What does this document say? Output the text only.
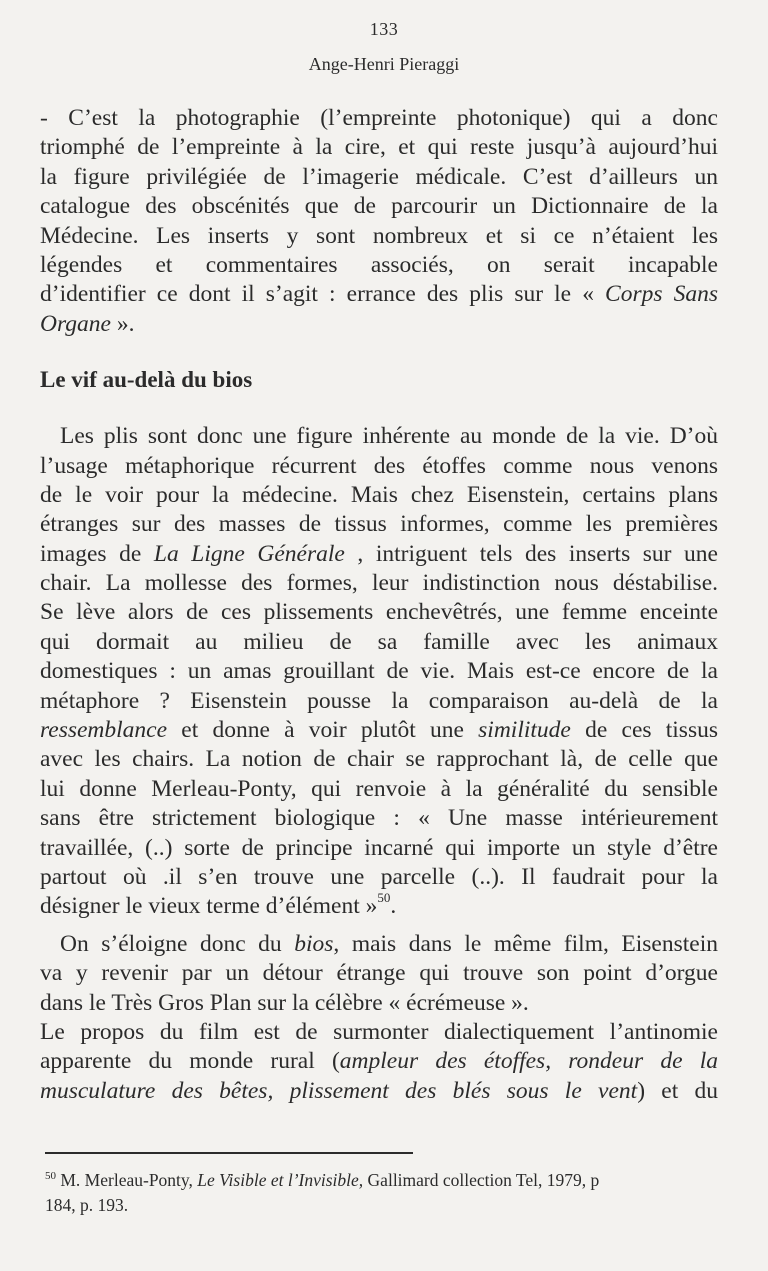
133
Ange-Henri Pieraggi
- C’est la photographie (l’empreinte photonique) qui a donc
triomphé de l’empreinte à la cire, et qui reste jusqu’à aujourd’hui
la figure privilégiée de l’imagerie médicale. C’est d’ailleurs un
catalogue des obscénités que de parcourir un Dictionnaire de la
Médecine. Les inserts y sont nombreux et si ce n’étaient les
légendes et commentaires associés, on serait incapable
d’identifier ce dont il s’agit : errance des plis sur le « Corps Sans
Organe ».
Le vif au-delà du bios
Les plis sont donc une figure inhérente au monde de la vie. D’où
l’usage métaphorique récurrent des étoffes comme nous venons
de le voir pour la médecine. Mais chez Eisenstein, certains plans
étranges sur des masses de tissus informes, comme les premières
images de La Ligne Générale , intriguent tels des inserts sur une
chair. La mollesse des formes, leur indistinction nous déstabilise.
Se lève alors de ces plissements enchevêtrés, une femme enceinte
qui dormait au milieu de sa famille avec les animaux
domestiques : un amas grouillant de vie. Mais est-ce encore de la
métaphore ? Eisenstein pousse la comparaison au-delà de la
ressemblance et donne à voir plutôt une similitude de ces tissus
avec les chairs. La notion de chair se rapprochant là, de celle que
lui donne Merleau-Ponty, qui renvoie à la généralité du sensible
sans être strictement biologique : « Une masse intérieurement
travaillée, (..) sorte de principe incarné qui importe un style d’être
partout où .il s’en trouve une parcelle (..). Il faudrait pour la
désigner le vieux terme d’élément »$^{50}$.
On s’éloigne donc du bios, mais dans le même film, Eisenstein
va y revenir par un détour étrange qui trouve son point d’orgue
dans le Très Gros Plan sur la célèbre « écrémeuse ».
Le propos du film est de surmonter dialectiquement l’antinomie
apparente du monde rural (ampleur des étoffes, rondeur de la
musculature des bêtes, plissement des blés sous le vent) et du
$^{50}$ M. Merleau-Ponty, Le Visible et l’Invisible, Gallimard collection Tel, 1979, p
184, p. 193.
